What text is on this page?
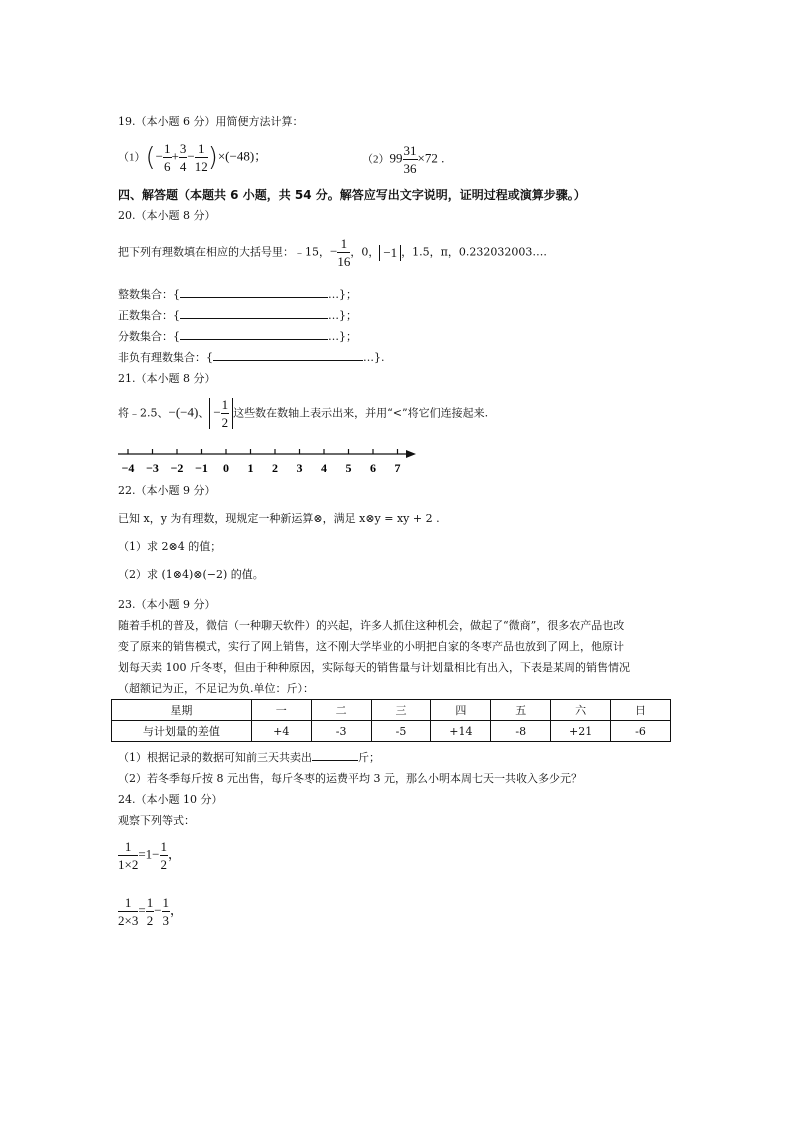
19.（本小题 6 分）用简便方法计算：
$(1)(- \frac{1}{6} + \frac{3}{4} - \frac{1}{12} )\times(-48)$；	$(2)99 \frac{31}{36} \times 72$ .
四、解答题（本题共 6 小题，共 54 分。解答应写出文字说明，证明过程或演算步骤。）
20.（本小题 8 分）
把下列有理数填在相应的大括号里：﹣15，− $\frac{1}{16}$ ，0， −1 ，1.5，π，0.232032003….
整数集合：{	…}；
正数集合：{	…}；
分数集合：{	…}；
非负有理数集合：{	…}.
21.（本小题 8 分）
将﹣2.5、−(−4)、 − $\frac{1}{2}$ 这些数在数轴上表示出来，并用“<”将它们连接起来.
−4 −3 −2 −1 0 1 2 3 4 5 6 7
22.（本小题 9 分）
已知 x，y 为有理数，现规定一种新运算⊗，满足 x⊗y = xy + 2 .
（1）求 2⊗4 的值；
（2）求 (1⊗4)⊗(−2) 的值。
23.（本小题 9 分）
随着手机的普及，微信（一种聊天软件）的兴起，许多人抓住这种机会，做起了“微商”，很多农产品也改
变了原来的销售模式，实行了网上销售，这不刚大学毕业的小明把自家的冬枣产品也放到了网上，他原计
划每天卖 100 斤冬枣，但由于种种原因，实际每天的销售量与计划量相比有出入，下表是某周的销售情况
（超额记为正，不足记为负.单位：斤）：
星期	一	二	三	四	五	六	日
与计划量的差值	+4	-3	-5	+14	-8	+21	-6
（1）根据记录的数据可知前三天共卖出	斤；
（2）若冬季每斤按 8 元出售，每斤冬枣的运费平均 3 元，那么小明本周七天一共收入多少元？
24.（本小题 10 分）
观察下列等式：
$\frac{1}{1\times 2} =1- \frac{1}{2}$ ，
$\frac{1}{2\times 3} = \frac{1}{2} - \frac{1}{3}$ ，
